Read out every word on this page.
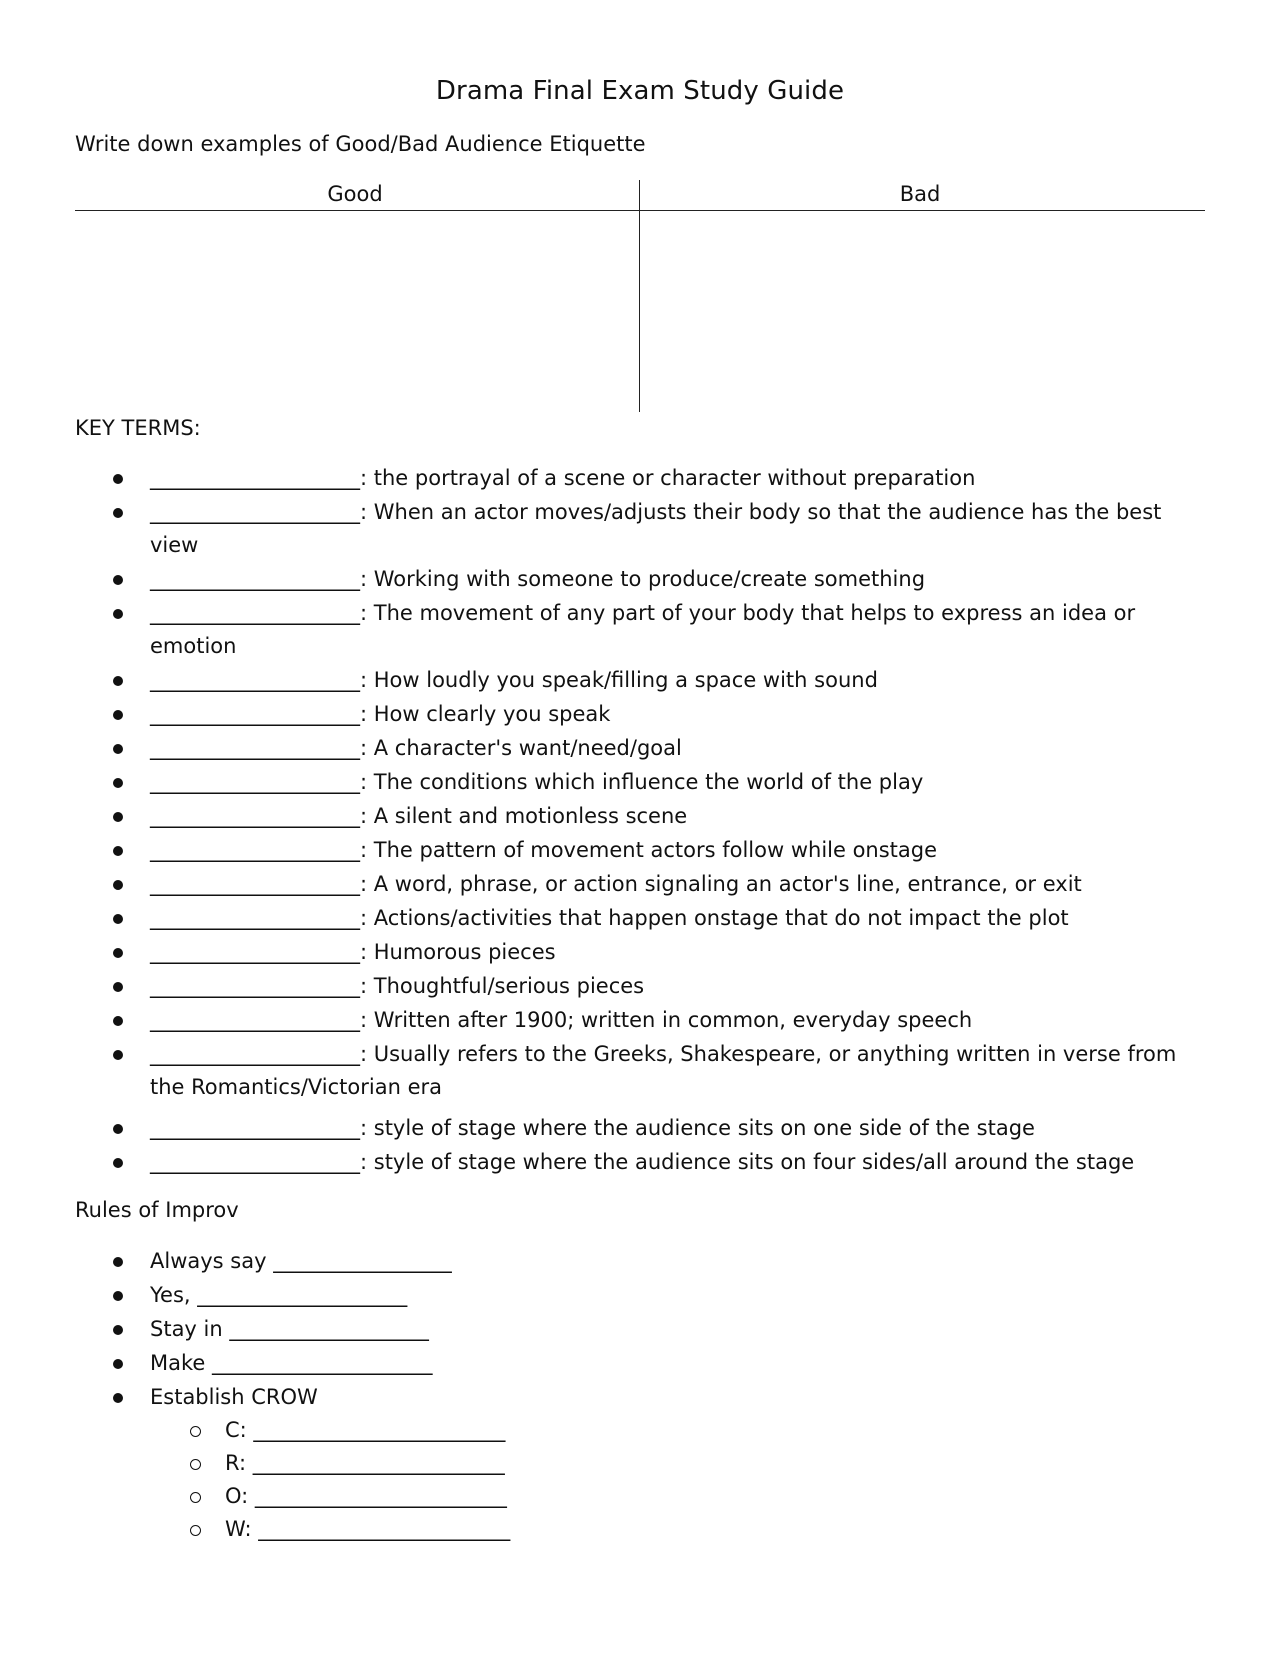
Drama Final Exam Study Guide
Write down examples of Good/Bad Audience Etiquette
Good	Bad
KEY TERMS:
____________________: the portrayal of a scene or character without preparation
____________________: When an actor moves/adjusts their body so that the audience has the best view
____________________: Working with someone to produce/create something
____________________: The movement of any part of your body that helps to express an idea or emotion
____________________: How loudly you speak/filling a space with sound
____________________: How clearly you speak
____________________: A character's want/need/goal
____________________: The conditions which influence the world of the play
____________________: A silent and motionless scene
____________________: The pattern of movement actors follow while onstage
____________________: A word, phrase, or action signaling an actor's line, entrance, or exit
____________________: Actions/activities that happen onstage that do not impact the plot
____________________: Humorous pieces
____________________: Thoughtful/serious pieces
____________________: Written after 1900; written in common, everyday speech
____________________: Usually refers to the Greeks, Shakespeare, or anything written in verse from the Romantics/Victorian era
____________________: style of stage where the audience sits on one side of the stage
____________________: style of stage where the audience sits on four sides/all around the stage
Rules of Improv
Always say _________________
Yes, ____________________
Stay in ___________________
Make _____________________
Establish CROW
C: ________________________
R: ________________________
O: ________________________
W: ________________________
